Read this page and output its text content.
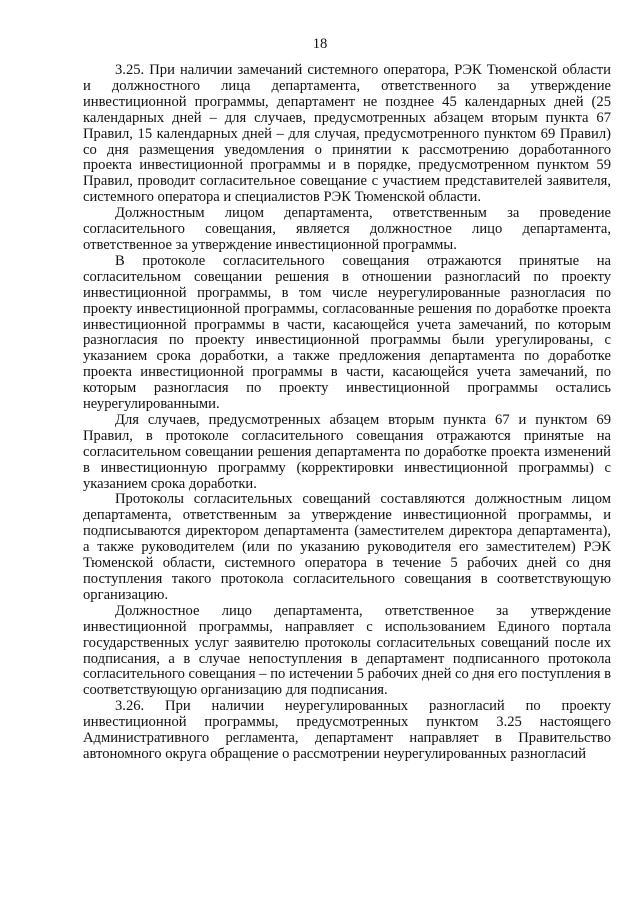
18

3.25. При наличии замечаний системного оператора, РЭК Тюменской области и должностного лица департамента, ответственного за утверждение инвестиционной программы, департамент не позднее 45 календарных дней (25 календарных дней – для случаев, предусмотренных абзацем вторым пункта 67 Правил, 15 календарных дней – для случая, предусмотренного пунктом 69 Правил) со дня размещения уведомления о принятии к рассмотрению доработанного проекта инвестиционной программы и в порядке, предусмотренном пунктом 59 Правил, проводит согласительное совещание с участием представителей заявителя, системного оператора и специалистов РЭК Тюменской области.

Должностным лицом департамента, ответственным за проведение согласительного совещания, является должностное лицо департамента, ответственное за утверждение инвестиционной программы.

В протоколе согласительного совещания отражаются принятые на согласительном совещании решения в отношении разногласий по проекту инвестиционной программы, в том числе неурегулированные разногласия по проекту инвестиционной программы, согласованные решения по доработке проекта инвестиционной программы в части, касающейся учета замечаний, по которым разногласия по проекту инвестиционной программы были урегулированы, с указанием срока доработки, а также предложения департамента по доработке проекта инвестиционной программы в части, касающейся учета замечаний, по которым разногласия по проекту инвестиционной программы остались неурегулированными.

Для случаев, предусмотренных абзацем вторым пункта 67 и пунктом 69 Правил, в протоколе согласительного совещания отражаются принятые на согласительном совещании решения департамента по доработке проекта изменений в инвестиционную программу (корректировки инвестиционной программы) с указанием срока доработки.

Протоколы согласительных совещаний составляются должностным лицом департамента, ответственным за утверждение инвестиционной программы, и подписываются директором департамента (заместителем директора департамента), а также руководителем (или по указанию руководителя его заместителем) РЭК Тюменской области, системного оператора в течение 5 рабочих дней со дня поступления такого протокола согласительного совещания в соответствующую организацию.

Должностное лицо департамента, ответственное за утверждение инвестиционной программы, направляет с использованием Единого портала государственных услуг заявителю протоколы согласительных совещаний после их подписания, а в случае непоступления в департамент подписанного протокола согласительного совещания – по истечении 5 рабочих дней со дня его поступления в соответствующую организацию для подписания.

3.26. При наличии неурегулированных разногласий по проекту инвестиционной программы, предусмотренных пунктом 3.25 настоящего Административного регламента, департамент направляет в Правительство автономного округа обращение о рассмотрении неурегулированных разногласий
